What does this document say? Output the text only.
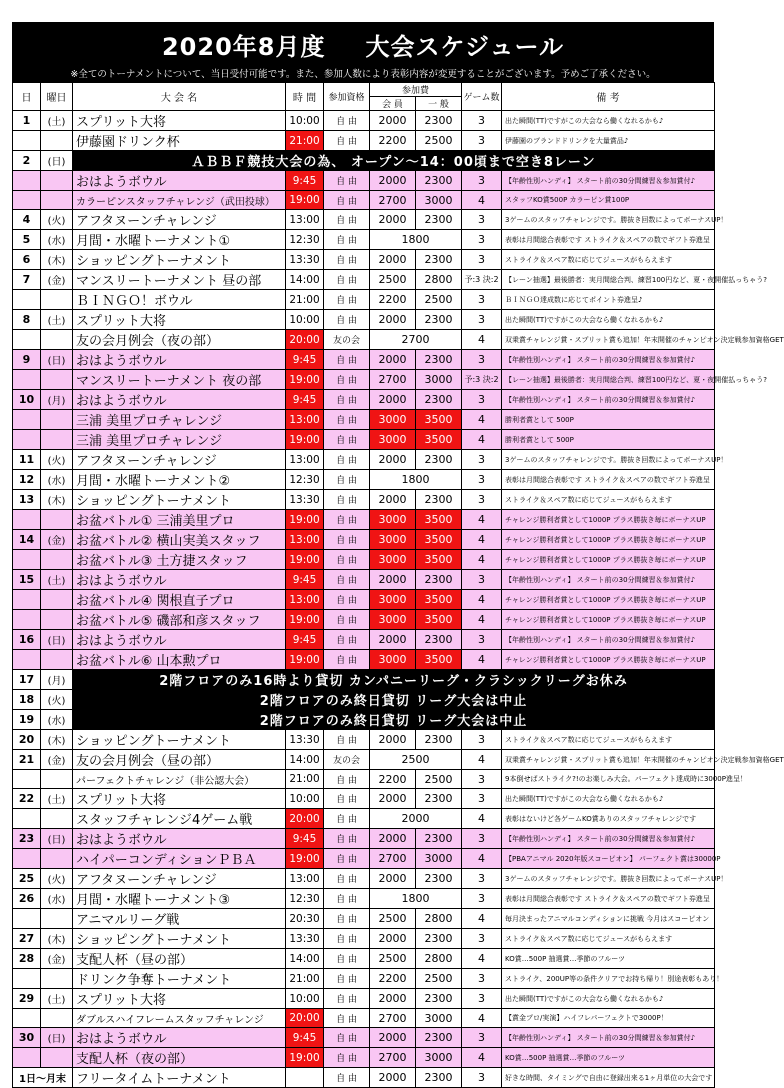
2020年8月度 大会スケジュール
※全てのトーナメントについて、当日受付可能です。また、参加人数により表彰内容が変更することがございます。予めご了承ください。
日	曜日	大 会 名	時 間	参加資格	参加費		ゲーム数	備 考
					会 員	一 般		
1	(土)	スプリット大将	10:00	自 由	2000	2300	3	出た瞬間(TT)ですがこの大会なら働くなれるかも♪
		伊藤園ドリンク杯	21:00	自 由	2200	2500	3	伊藤園のブランドドリンクを大量賞品♪
2	(日)	ＡＢＢＦ競技大会の為、 オープン〜14：00頃まで空き8レーン						
		おはようボウル	9:45	自 由	2000	2300	3	【年齢性別ハンディ】 スタート前の30分間練習＆参加賞付♪
		カラーピンスタッフチャレンジ（武田投球）	19:00	自 由	2700	3000	4	スタッフKO賞500P カラーピン賞100P
4	(火)	アフタヌーンチャレンジ	13:00	自 由	2000	2300	3	3ゲームのスタッフチャレンジです。勝抜き回数によってボーナスUP！
5	(水)	月間・水曜トーナメント①	12:30	自 由	1800		3	表彰は月間総合表彰です ストライク＆スペアの数でギフト券進呈
6	(木)	ショッピングトーナメント	13:30	自 由	2000	2300	3	ストライク＆スペア数に応じてジュースがもらえます
7	(金)	マンスリートーナメント 昼の部	14:00	自 由	2500	2800	予:3 決:2	【レーン抽選】最後勝者：実月間総合判、練習100円など、夏・夜開催払っちゃう?
		ＢＩＮＧＯ！ボウル	21:00	自 由	2200	2500	3	ＢＩＮＧＯ達成数に応じてポイント券進呈♪
8	(土)	スプリット大将	10:00	自 由	2000	2300	3	出た瞬間(TT)ですがこの大会なら働くなれるかも♪
		友の会月例会（夜の部）	20:00	友の会	2700		4	双乗賞チャレンジ賞・スプリット賞も追加！年末開催のチャンピオン決定戦参加資格GET
9	(日)	おはようボウル	9:45	自 由	2000	2300	3	【年齢性別ハンディ】 スタート前の30分間練習＆参加賞付♪
		マンスリートーナメント 夜の部	19:00	自 由	2700	3000	予:3 決:2	【レーン抽選】最後勝者：実月間総合判、練習100円など、夏・夜開催払っちゃう?
10	(月)	おはようボウル	9:45	自 由	2000	2300	3	【年齢性別ハンディ】 スタート前の30分間練習＆参加賞付♪
		三浦 美里プロチャレンジ	13:00	自 由	3000	3500	4	勝利者賞として 500P
		三浦 美里プロチャレンジ	19:00	自 由	3000	3500	4	勝利者賞として 500P
11	(火)	アフタヌーンチャレンジ	13:00	自 由	2000	2300	3	3ゲームのスタッフチャレンジです。勝抜き回数によってボーナスUP！
12	(水)	月間・水曜トーナメント②	12:30	自 由	1800		3	表彰は月間総合表彰です ストライク＆スペアの数でギフト券進呈
13	(木)	ショッピングトーナメント	13:30	自 由	2000	2300	3	ストライク＆スペア数に応じてジュースがもらえます
		お盆バトル① 三浦美里プロ	19:00	自 由	3000	3500	4	チャレンジ勝利者賞として1000P プラス勝抜き毎にボーナスUP
14	(金)	お盆バトル② 横山実美スタッフ	13:00	自 由	3000	3500	4	チャレンジ勝利者賞として1000P プラス勝抜き毎にボーナスUP
		お盆バトル③ 土方捷スタッフ	19:00	自 由	3000	3500	4	チャレンジ勝利者賞として1000P プラス勝抜き毎にボーナスUP
15	(土)	おはようボウル	9:45	自 由	2000	2300	3	【年齢性別ハンディ】 スタート前の30分間練習＆参加賞付♪
		お盆バトル④ 関根直子プロ	13:00	自 由	3000	3500	4	チャレンジ勝利者賞として1000P プラス勝抜き毎にボーナスUP
		お盆バトル⑤ 磯部和彦スタッフ	19:00	自 由	3000	3500	4	チャレンジ勝利者賞として1000P プラス勝抜き毎にボーナスUP
16	(日)	おはようボウル	9:45	自 由	2000	2300	3	【年齢性別ハンディ】 スタート前の30分間練習＆参加賞付♪
		お盆バトル⑥ 山本勲プロ	19:00	自 由	3000	3500	4	チャレンジ勝利者賞として1000P プラス勝抜き毎にボーナスUP
17	(月)	2階フロアのみ16時より貸切 カンパニーリーグ・クラシックリーグお休み						
18	(火)	2階フロアのみ終日貸切 リーグ大会は中止						
19	(水)	2階フロアのみ終日貸切 リーグ大会は中止						
20	(木)	ショッピングトーナメント	13:30	自 由	2000	2300	3	ストライク＆スペア数に応じてジュースがもらえます
21	(金)	友の会月例会（昼の部）	14:00	友の会	2500		4	双乗賞チャレンジ賞・スプリット賞も追加！年末開催のチャンピオン決定戦参加資格GET
		パーフェクトチャレンジ（非公認大会）	21:00	自 由	2200	2500	3	9本倒せばストライク?!のお楽しみ大会。パーフェクト達成時に3000P進呈！
22	(土)	スプリット大将	10:00	自 由	2000	2300	3	出た瞬間(TT)ですがこの大会なら働くなれるかも♪
		スタッフチャレンジ4ゲーム戦	20:00	自 由	2000		4	表彰はないけど各ゲームKO賞ありのスタッフチャレンジです
23	(日)	おはようボウル	9:45	自 由	2000	2300	3	【年齢性別ハンディ】 スタート前の30分間練習＆参加賞付♪
		ハイパーコンディションＰＢＡ	19:00	自 由	2700	3000	4	【PBAアニマル 2020年版スコーピオン】 パーフェクト賞は30000P
25	(火)	アフタヌーンチャレンジ	13:00	自 由	2000	2300	3	3ゲームのスタッフチャレンジです。勝抜き回数によってボーナスUP！
26	(水)	月間・水曜トーナメント③	12:30	自 由	1800		3	表彰は月間総合表彰です ストライク＆スペアの数でギフト券進呈
		アニマルリーグ戦	20:30	自 由	2500	2800	4	毎月決まったアニマルコンディションに挑戦 今月はスコーピオン
27	(木)	ショッピングトーナメント	13:30	自 由	2000	2300	3	ストライク＆スペア数に応じてジュースがもらえます
28	(金)	支配人杯（昼の部）	14:00	自 由	2500	2800	4	KO賞…500P 抽選賞…季節のフルーツ
		ドリンク争奪トーナメント	21:00	自 由	2200	2500	3	ストライク、200UP等の条件クリアでお持ち帰り！別途表彰もあり！
29	(土)	スプリット大将	10:00	自 由	2000	2300	3	出た瞬間(TT)ですがこの大会なら働くなれるかも♪
		ダブルスハイフレームスタッフチャレンジ	20:00	自 由	2700	3000	4	【賞金プロ/実演】ハイフレパーフェクトで3000P！
30	(日)	おはようボウル	9:45	自 由	2000	2300	3	【年齢性別ハンディ】 スタート前の30分間練習＆参加賞付♪
		支配人杯（夜の部）	19:00	自 由	2700	3000	4	KO賞…500P 抽選賞…季節のフルーツ
1日〜月末		フリータイムトーナメント		自 由	2000	2300	3	好きな時間、タイミングで自由に登録出来る1ヶ月単位の大会です
